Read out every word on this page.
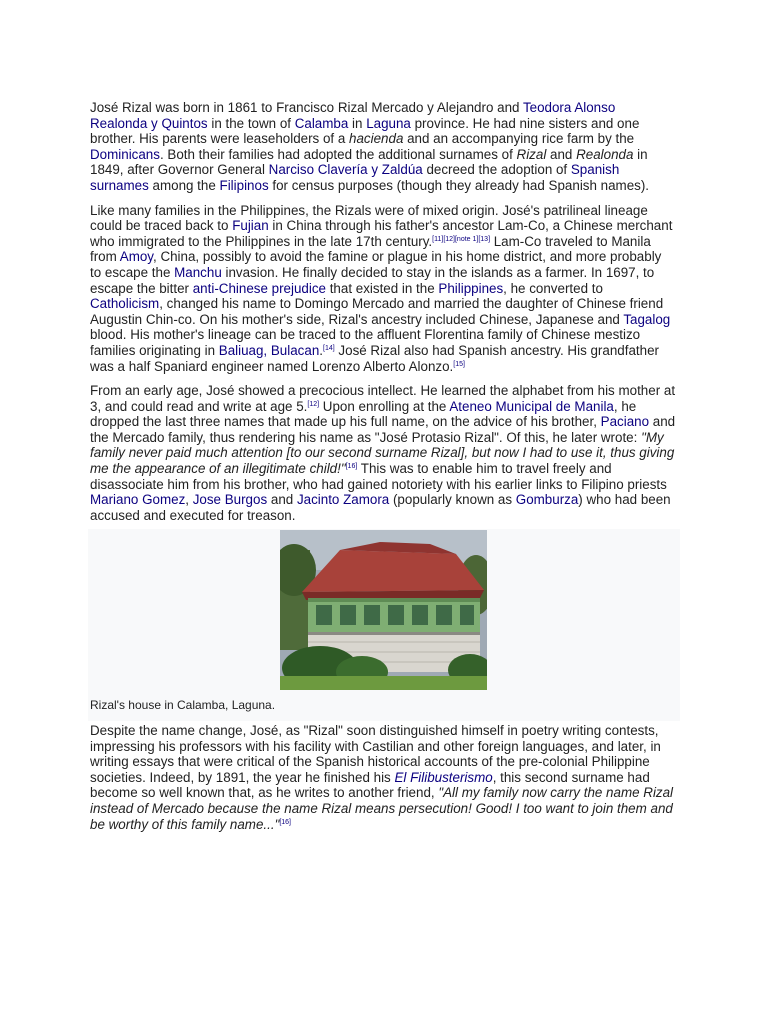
José Rizal was born in 1861 to Francisco Rizal Mercado y Alejandro and Teodora Alonso Realonda y Quintos in the town of Calamba in Laguna province. He had nine sisters and one brother. His parents were leaseholders of a hacienda and an accompanying rice farm by the Dominicans. Both their families had adopted the additional surnames of Rizal and Realonda in 1849, after Governor General Narciso Clavería y Zaldúa decreed the adoption of Spanish surnames among the Filipinos for census purposes (though they already had Spanish names).

Like many families in the Philippines, the Rizals were of mixed origin. José's patrilineal lineage could be traced back to Fujian in China through his father's ancestor Lam-Co, a Chinese merchant who immigrated to the Philippines in the late 17th century.[11][12][note 1][13] Lam-Co traveled to Manila from Amoy, China, possibly to avoid the famine or plague in his home district, and more probably to escape the Manchu invasion. He finally decided to stay in the islands as a farmer. In 1697, to escape the bitter anti-Chinese prejudice that existed in the Philippines, he converted to Catholicism, changed his name to Domingo Mercado and married the daughter of Chinese friend Augustin Chin-co. On his mother's side, Rizal's ancestry included Chinese, Japanese and Tagalog blood. His mother's lineage can be traced to the affluent Florentina family of Chinese mestizo families originating in Baliuag, Bulacan.[14] José Rizal also had Spanish ancestry. His grandfather was a half Spaniard engineer named Lorenzo Alberto Alonzo.[15]

From an early age, José showed a precocious intellect. He learned the alphabet from his mother at 3, and could read and write at age 5.[12] Upon enrolling at the Ateneo Municipal de Manila, he dropped the last three names that made up his full name, on the advice of his brother, Paciano and the Mercado family, thus rendering his name as "José Protasio Rizal". Of this, he later wrote: "My family never paid much attention [to our second surname Rizal], but now I had to use it, thus giving me the appearance of an illegitimate child!"[16] This was to enable him to travel freely and disassociate him from his brother, who had gained notoriety with his earlier links to Filipino priests Mariano Gomez, Jose Burgos and Jacinto Zamora (popularly known as Gomburza) who had been accused and executed for treason.

Rizal's house in Calamba, Laguna.

Despite the name change, José, as "Rizal" soon distinguished himself in poetry writing contests, impressing his professors with his facility with Castilian and other foreign languages, and later, in writing essays that were critical of the Spanish historical accounts of the pre-colonial Philippine societies. Indeed, by 1891, the year he finished his El Filibusterismo, this second surname had become so well known that, as he writes to another friend, "All my family now carry the name Rizal instead of Mercado because the name Rizal means persecution! Good! I too want to join them and be worthy of this family name..."[16]
